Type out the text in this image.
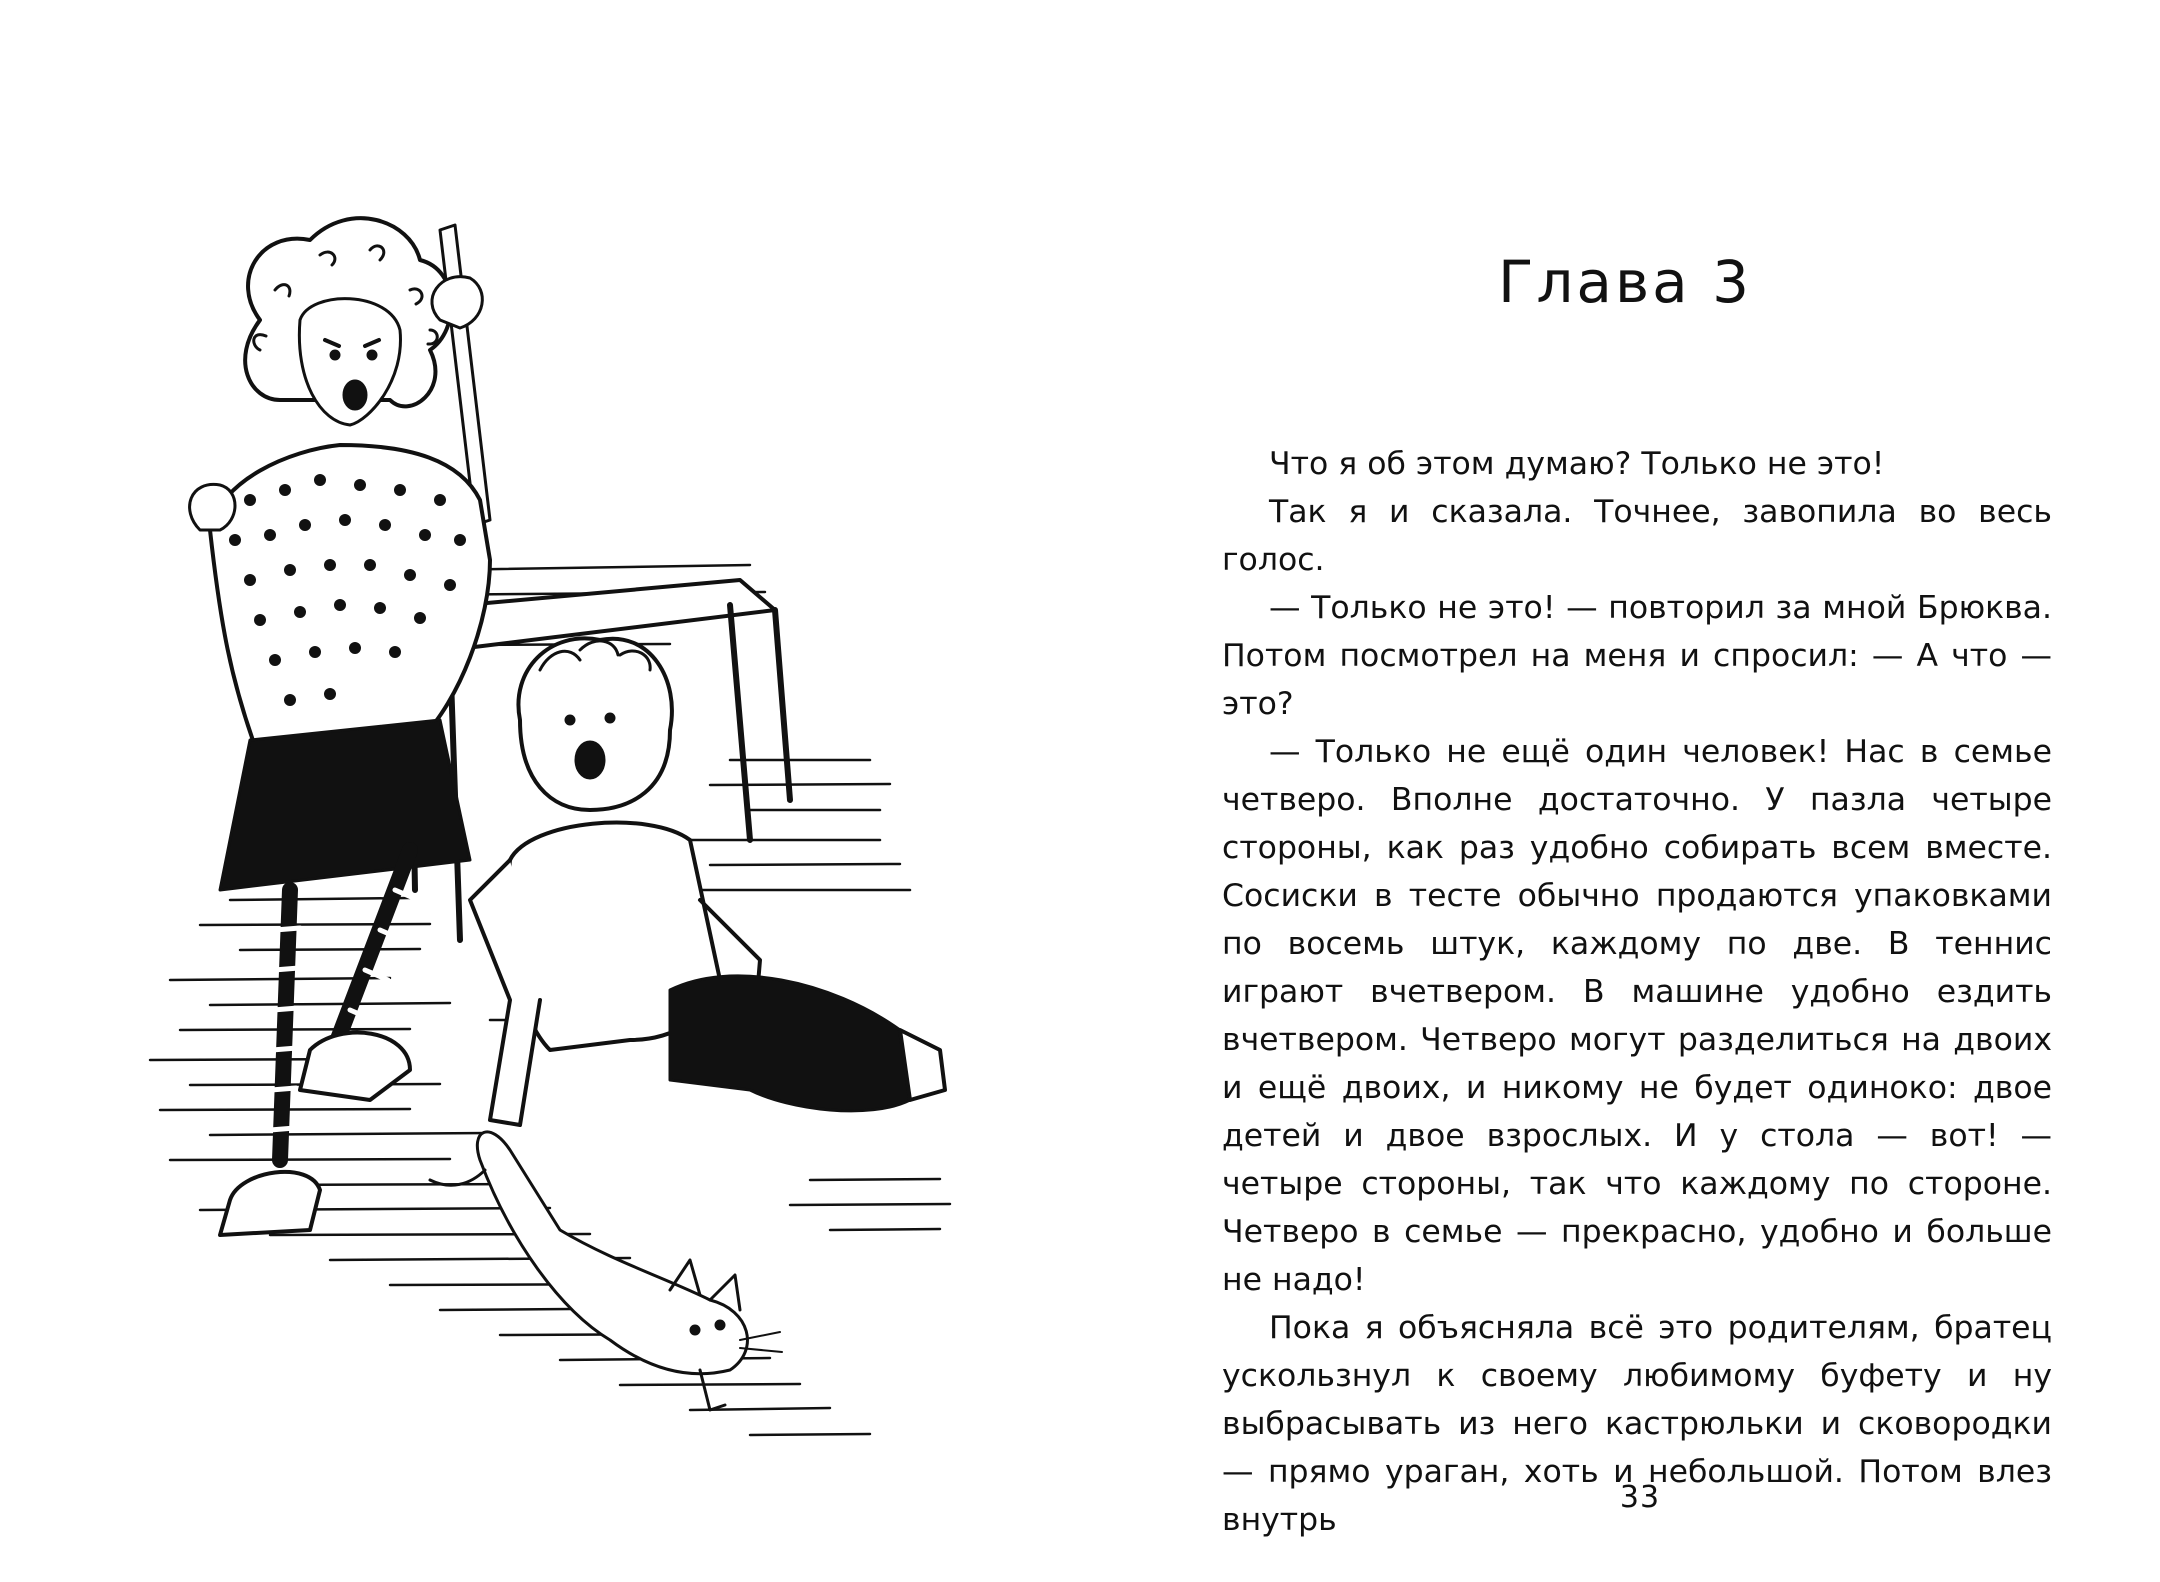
Глава 3

Что я об этом думаю? Только не это!

Так я и сказала. Точнее, завопила во весь голос.

— Только не это! — повторил за мной Брюква. Потом посмотрел на меня и спросил: — А что — это?

— Только не ещё один человек! Нас в семье четверо. Вполне достаточно. У пазла четыре стороны, как раз удобно собирать всем вместе. Сосиски в тесте обычно продаются упаковками по восемь штук, каждому по две. В теннис играют вчетвером. В машине удобно ездить вчетвером. Четверо могут разделиться на двоих и ещё двоих, и никому не будет одиноко: двое детей и двое взрослых. И у стола — вот! — четыре стороны, так что каждому по стороне. Четверо в семье — прекрасно, удобно и больше не надо!

Пока я объясняла всё это родителям, братец ускользнул к своему любимому буфету и ну выбрасывать из него кастрюльки и сковородки — прямо ураган, хоть и небольшой. Потом влез внутрь

33
